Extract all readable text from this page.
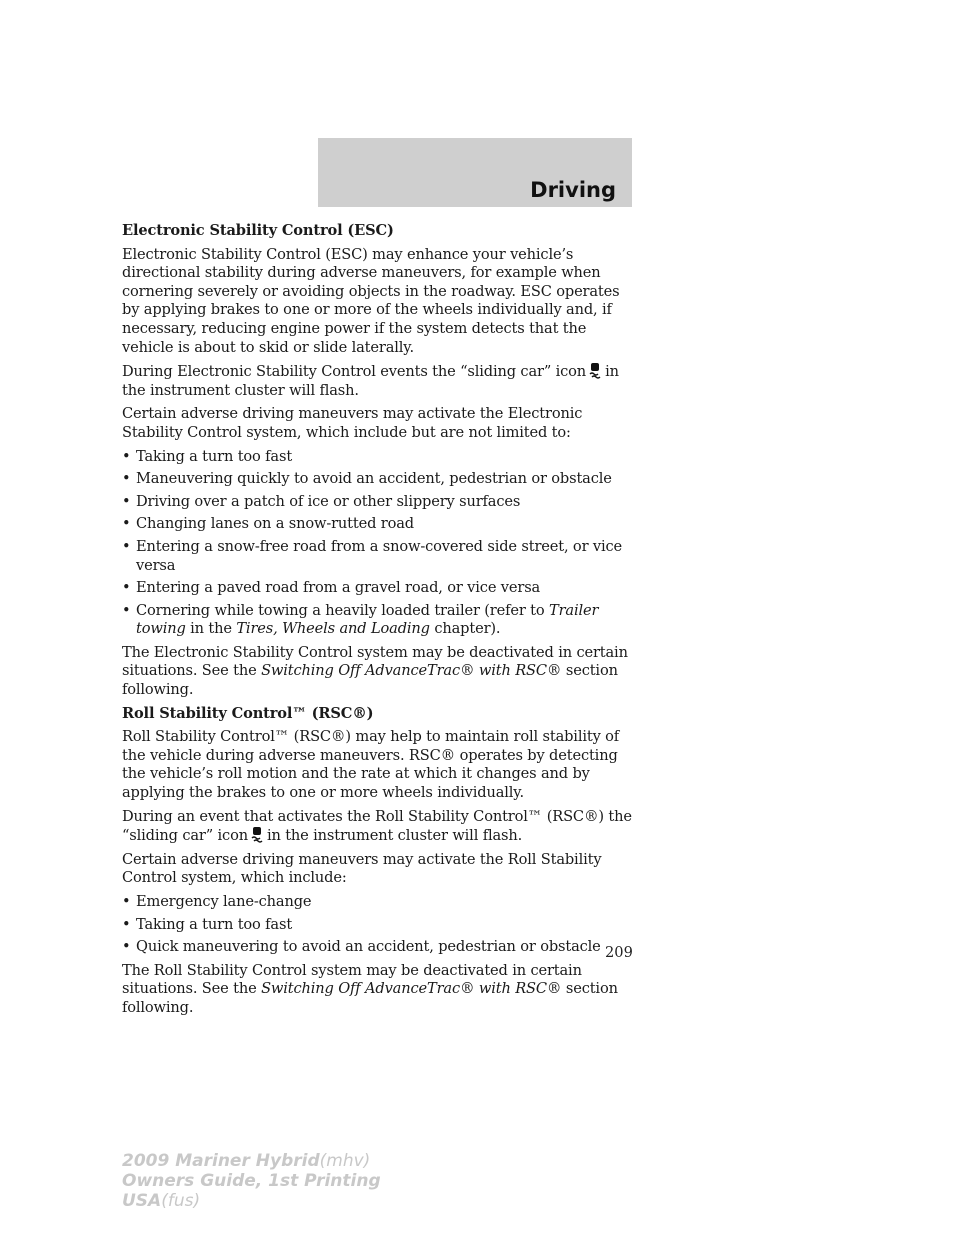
Driving
Electronic Stability Control (ESC)

Electronic Stability Control (ESC) may enhance your vehicle’s directional stability during adverse maneuvers, for example when cornering severely or avoiding objects in the roadway. ESC operates by applying brakes to one or more of the wheels individually and, if necessary, reducing engine power if the system detects that the vehicle is about to skid or slide laterally.

During Electronic Stability Control events the “sliding car” icon in the instrument cluster will flash.

Certain adverse driving maneuvers may activate the Electronic Stability Control system, which include but are not limited to:

• Taking a turn too fast
• Maneuvering quickly to avoid an accident, pedestrian or obstacle
• Driving over a patch of ice or other slippery surfaces
• Changing lanes on a snow-rutted road
• Entering a snow-free road from a snow-covered side street, or vice versa
• Entering a paved road from a gravel road, or vice versa
• Cornering while towing a heavily loaded trailer (refer to Trailer towing in the Tires, Wheels and Loading chapter).

The Electronic Stability Control system may be deactivated in certain situations. See the Switching Off AdvanceTrac® with RSC® section following.

Roll Stability Control™ (RSC®)

Roll Stability Control™ (RSC®) may help to maintain roll stability of the vehicle during adverse maneuvers. RSC® operates by detecting the vehicle’s roll motion and the rate at which it changes and by applying the brakes to one or more wheels individually.

During an event that activates the Roll Stability Control™ (RSC®) the “sliding car” icon in the instrument cluster will flash.

Certain adverse driving maneuvers may activate the Roll Stability Control system, which include:

• Emergency lane-change
• Taking a turn too fast
• Quick maneuvering to avoid an accident, pedestrian or obstacle

The Roll Stability Control system may be deactivated in certain situations. See the Switching Off AdvanceTrac® with RSC® section following.

209
2009 Mariner Hybrid(mhv)
Owners Guide, 1st Printing
USA(fus)
